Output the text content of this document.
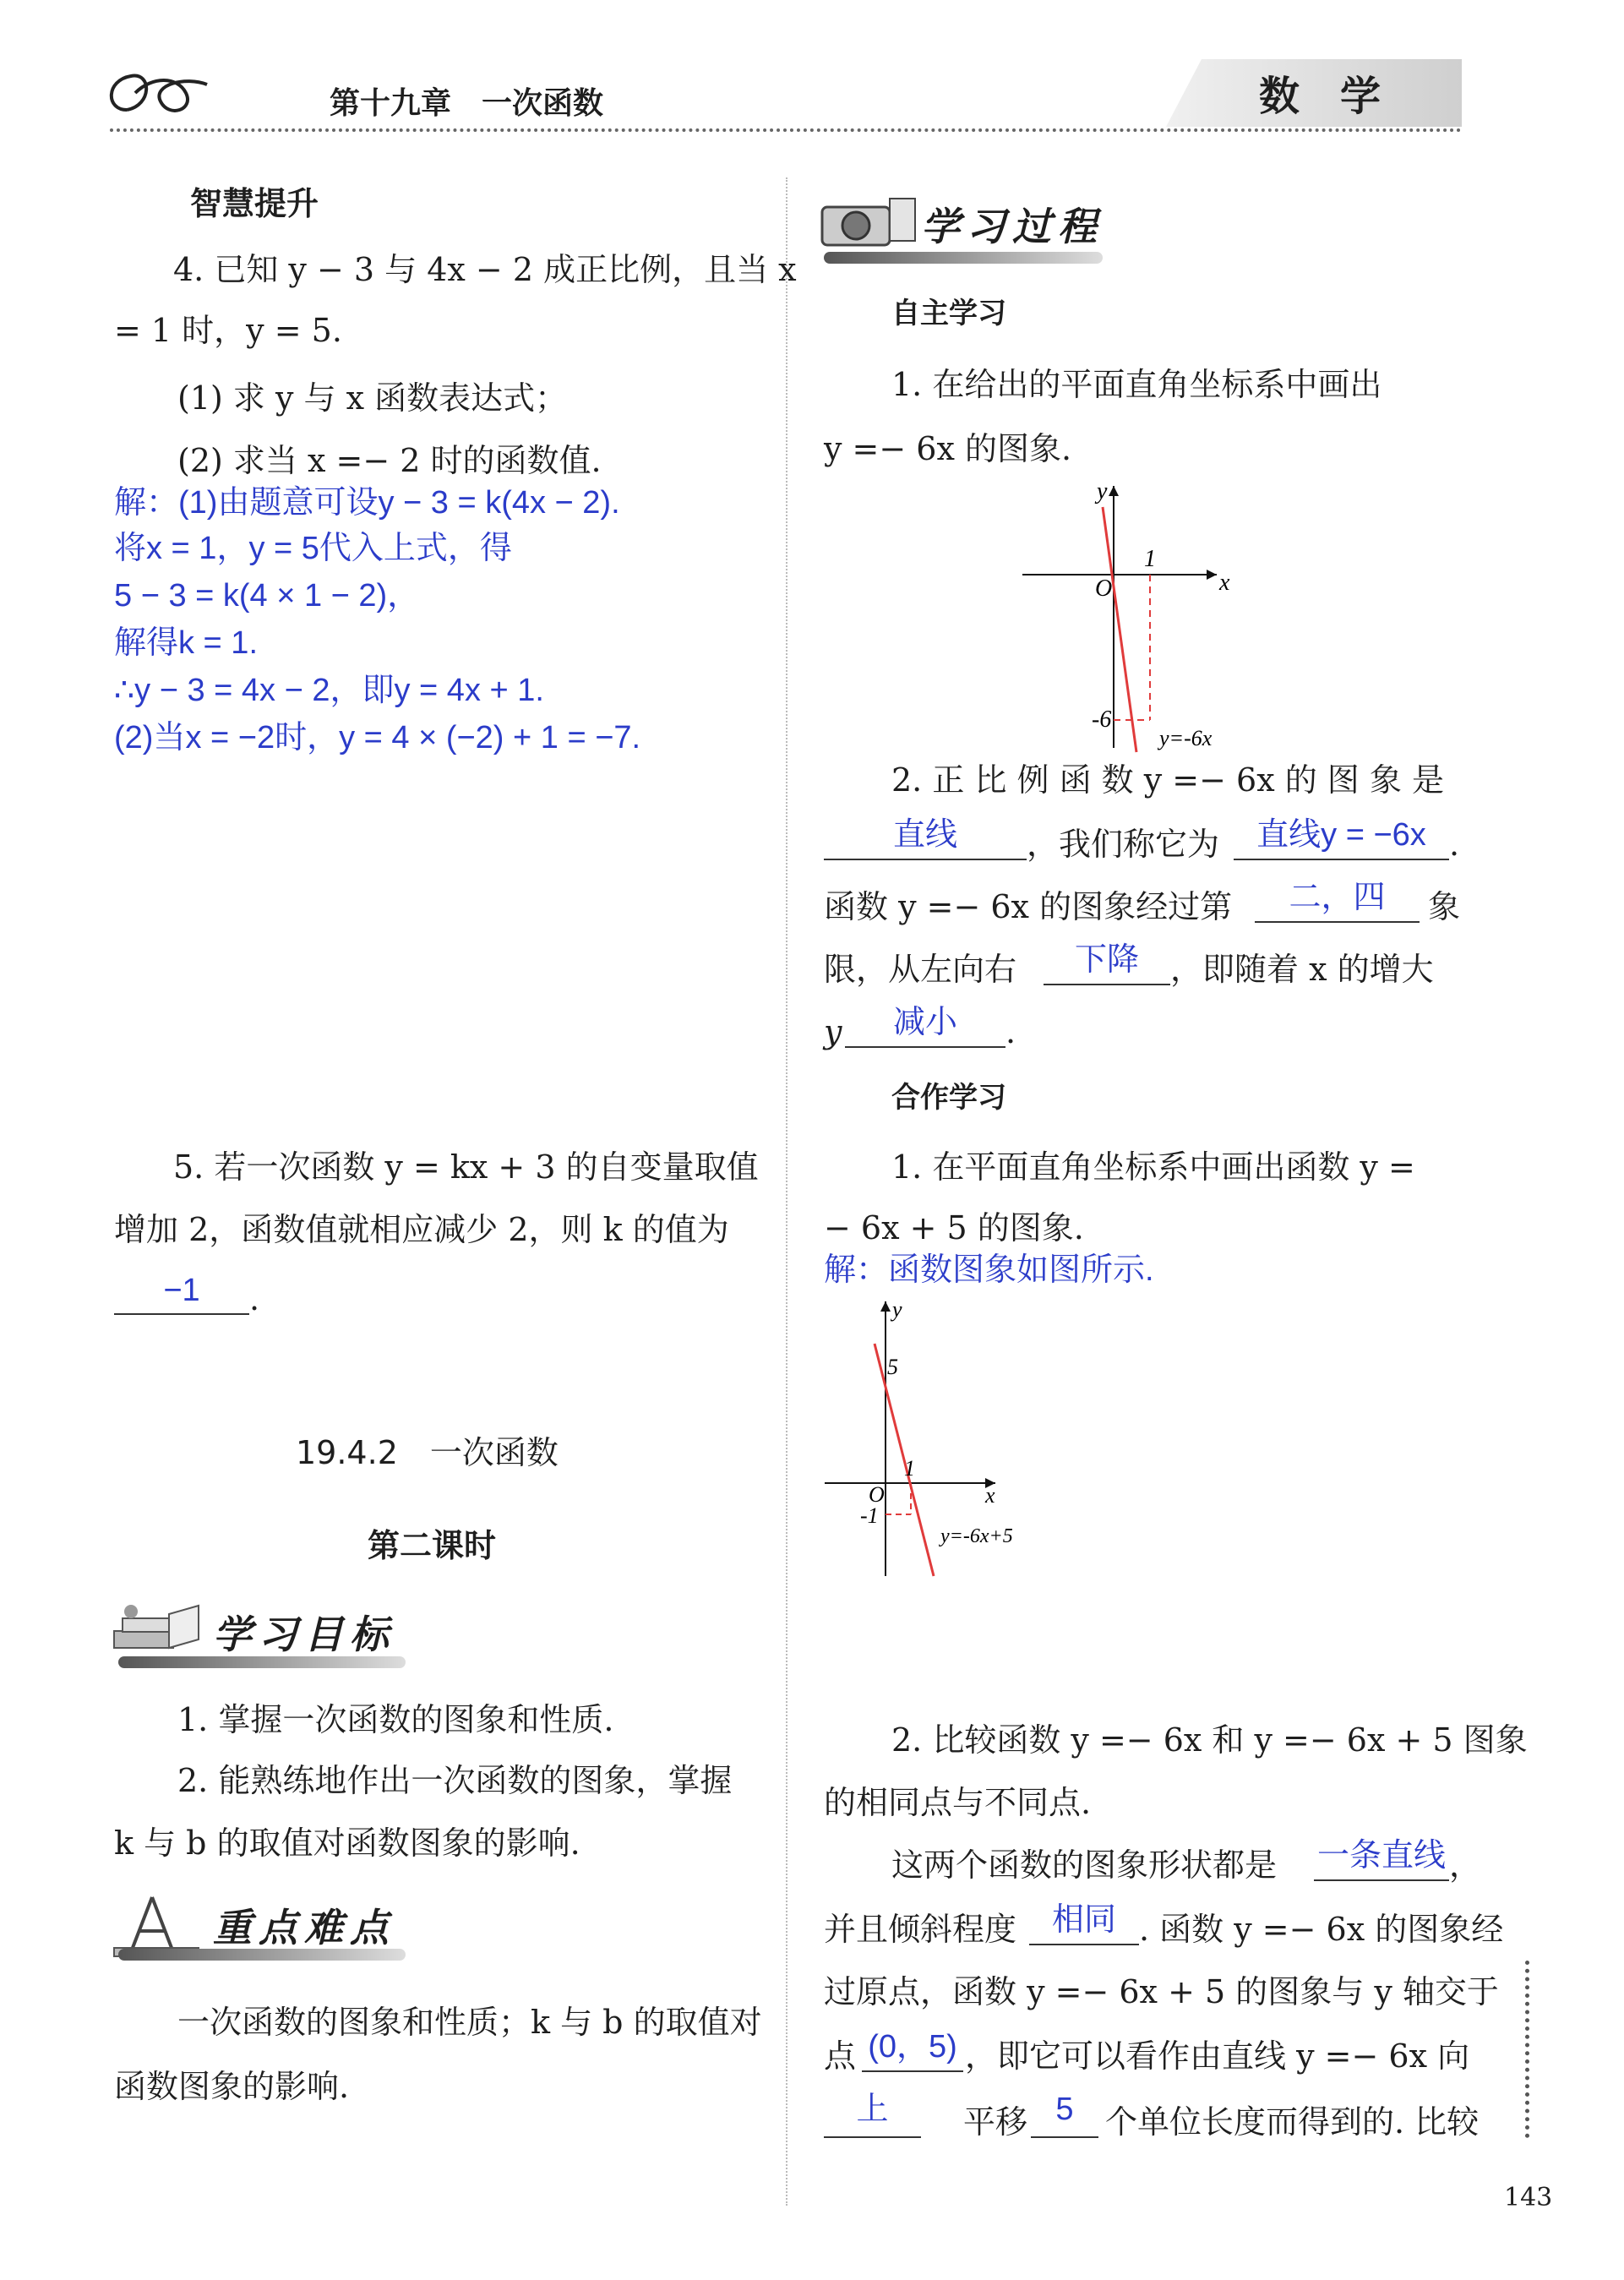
第十九章　一次函数	数　学
智慧提升
4. 已知 y − 3 与 4x − 2 成正比例，且当 x
= 1 时，y = 5.
(1) 求 y 与 x 函数表达式；
(2) 求当 x =− 2 时的函数值.
解：(1)由题意可设y − 3 = k(4x − 2).
将x = 1，y = 5代入上式，得
5 − 3 = k(4 × 1 − 2)，
解得k = 1.
∴y − 3 = 4x − 2，即y = 4x + 1.
(2)当x = −2时，y = 4 × (−2) + 1 = −7.
5. 若一次函数 y = kx + 3 的自变量取值
增加 2，函数值就相应减少 2，则 k 的值为
−1	.
19.4.2　一次函数
第二课时
学习目标
1. 掌握一次函数的图象和性质.
2. 能熟练地作出一次函数的图象，掌握
k 与 b 的取值对函数图象的影响.
重点难点
一次函数的图象和性质；k 与 b 的取值对
函数图象的影响.
学习过程
自主学习
1. 在给出的平面直角坐标系中画出
y =− 6x 的图象.
y
x
O
1
-6
y=-6x
2. 正 比 例 函 数 y =− 6x 的 图 象 是
直线	，我们称它为	直线y = −6x .
函数 y =− 6x 的图象经过第	二，四	象
限，从左向右	下降 ，即随着 x 的增大
y	减小	.
合作学习
1. 在平面直角坐标系中画出函数 y =
− 6x + 5 的图象.
解：函数图象如图所示.
y
x
O
5
1
-1
y=-6x+5
2. 比较函数 y =− 6x 和 y =− 6x + 5 图象
的相同点与不同点.
这两个函数的图象形状都是 一条直线 ，
并且倾斜程度	相同 . 函数 y =− 6x 的图象经
过原点，函数 y =− 6x + 5 的图象与 y 轴交于
点 (0，5) ，即它可以看作由直线 y =− 6x 向
上	平移 5 个单位长度而得到的. 比较
143
